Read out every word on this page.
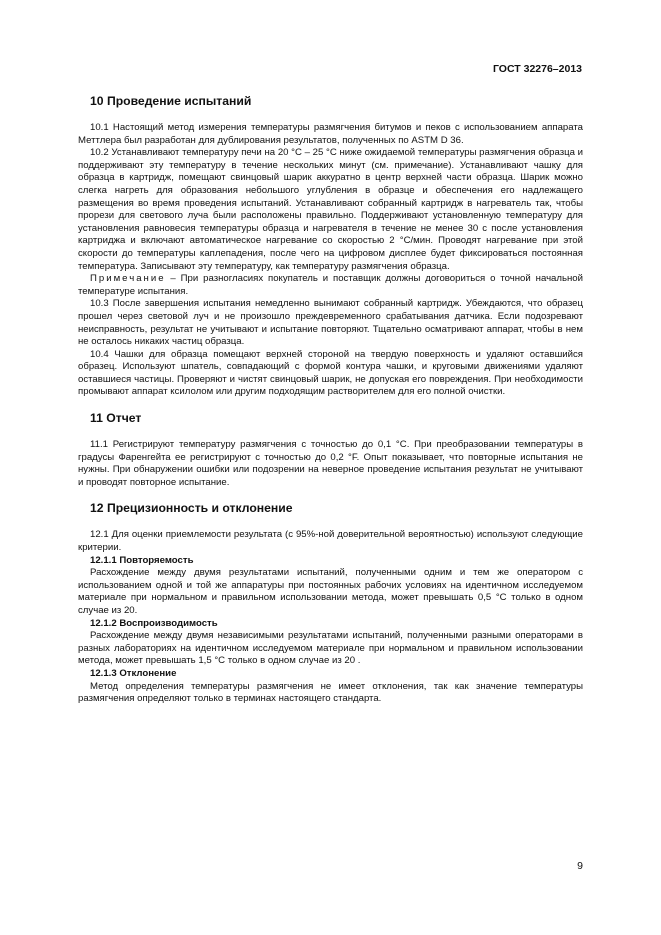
ГОСТ 32276–2013
10 Проведение испытаний

10.1 Настоящий метод измерения температуры размягчения битумов и пеков с использованием аппарата Меттлера был разработан для дублирования результатов, полученных по ASTM D 36.

10.2 Устанавливают температуру печи на 20 °С – 25 °С ниже ожидаемой температуры размягчения образца и поддерживают эту температуру в течение нескольких минут (см. примечание). Устанавливают чашку для образца в картридж, помещают свинцовый шарик аккуратно в центр верхней части образца. Шарик можно слегка нагреть для образования небольшого углубления в образце и обеспечения его надлежащего размещения во время проведения испытаний. Устанавливают собранный картридж в нагреватель так, чтобы прорези для светового луча были расположены правильно. Поддерживают установленную температуру для установления равновесия температуры образца и нагревателя в течение не менее 30 с после установления картриджа и включают автоматическое нагревание со скоростью 2 °С/мин. Проводят нагревание при этой скорости до температуры каплепадения, после чего на цифровом дисплее будет фиксироваться постоянная температура. Записывают эту температуру, как температуру размягчения образца.

Примечание – При разногласиях покупатель и поставщик должны договориться о точной начальной температуре испытания.

10.3 После завершения испытания немедленно вынимают собранный картридж. Убеждаются, что образец прошел через световой луч и не произошло преждевременного срабатывания датчика. Если подозревают неисправность, результат не учитывают и испытание повторяют. Тщательно осматривают аппарат, чтобы в нем не осталось никаких частиц образца.

10.4 Чашки для образца помещают верхней стороной на твердую поверхность и удаляют оставшийся образец. Используют шпатель, совпадающий с формой контура чашки, и круговыми движениями удаляют оставшиеся частицы. Проверяют и чистят свинцовый шарик, не допуская его повреждения. При необходимости промывают аппарат ксилолом или другим подходящим растворителем для его полной очистки.

11 Отчет

11.1 Регистрируют температуру размягчения с точностью до 0,1 °С. При преобразовании температуры в градусы Фаренгейта ее регистрируют с точностью до 0,2 °F. Опыт показывает, что повторные испытания не нужны. При обнаружении ошибки или подозрении на неверное проведение испытания результат не учитывают и проводят повторное испытание.

12 Прецизионность и отклонение

12.1 Для оценки приемлемости результата (с 95%-ной доверительной вероятностью) используют следующие критерии.

12.1.1 Повторяемость

Расхождение между двумя результатами испытаний, полученными одним и тем же оператором с использованием одной и той же аппаратуры при постоянных рабочих условиях на идентичном исследуемом материале при нормальном и правильном использовании метода, может превышать 0,5 °С только в одном случае из 20.

12.1.2 Воспроизводимость

Расхождение между двумя независимыми результатами испытаний, полученными разными операторами в разных лабораториях на идентичном исследуемом материале при нормальном и правильном использовании метода, может превышать 1,5 °С только в одном случае из 20 .

12.1.3 Отклонение

Метод определения температуры размягчения не имеет отклонения, так как значение температуры размягчения определяют только в терминах настоящего стандарта.

9
